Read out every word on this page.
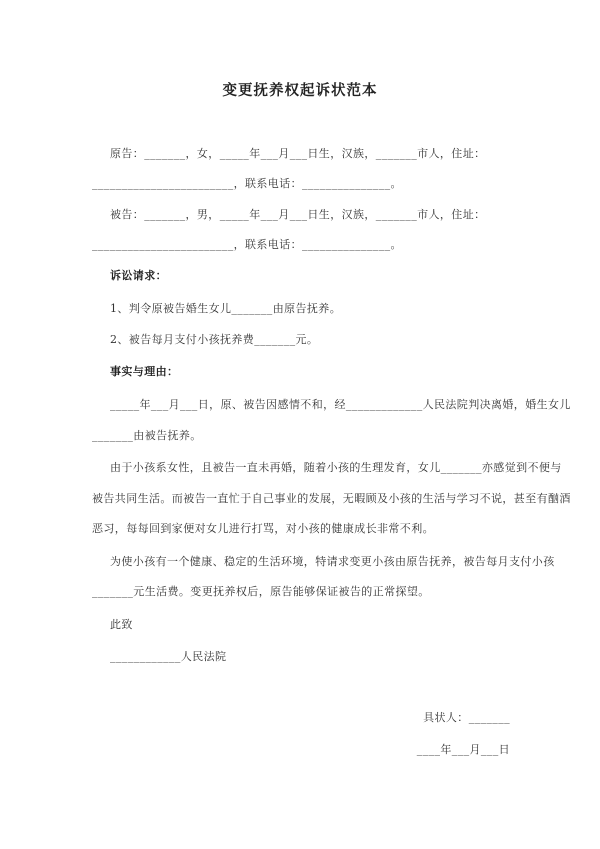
变更抚养权起诉状范本
原告：_______，女，_____年___月___日生，汉族，_______市人，住址：
________________________，联系电话：_______________。
被告：_______，男，_____年___月___日生，汉族，_______市人，住址：
________________________，联系电话：_______________。
诉讼请求：
1、判令原被告婚生女儿_______由原告抚养。
2、被告每月支付小孩抚养费_______元。
事实与理由：
_____年___月___日，原、被告因感情不和，经_____________人民法院判决离婚，婚生女儿
_______由被告抚养。
由于小孩系女性，且被告一直未再婚，随着小孩的生理发育，女儿_______亦感觉到不便与
被告共同生活。而被告一直忙于自己事业的发展，无暇顾及小孩的生活与学习不说，甚至有酗酒
恶习，每每回到家便对女儿进行打骂，对小孩的健康成长非常不利。
为使小孩有一个健康、稳定的生活环境，特请求变更小孩由原告抚养，被告每月支付小孩
_______元生活费。变更抚养权后，原告能够保证被告的正常探望。
此致
____________人民法院
具状人：_______
____年___月___日
